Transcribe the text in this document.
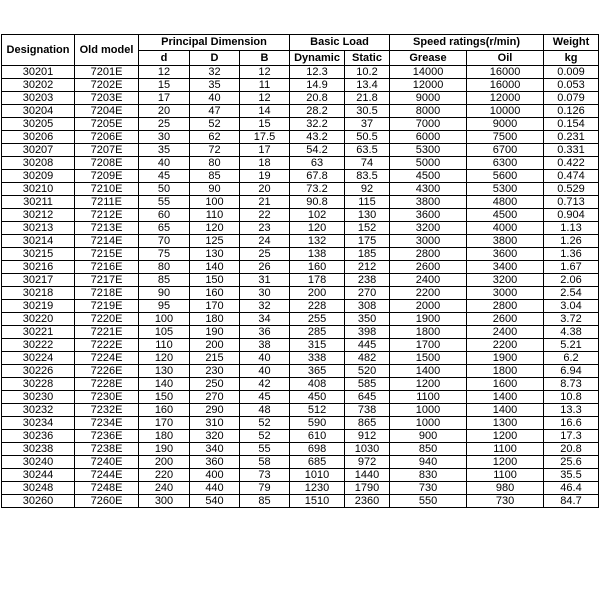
Designation	Old model	Principal Dimension			Basic Load		Speed ratings(r/min)		Weight
		d	D	B	Dynamic	Static	Grease	Oil	kg
30201	7201E	12	32	12	12.3	10.2	14000	16000	0.009
30202	7202E	15	35	11	14.9	13.4	12000	16000	0.053
30203	7203E	17	40	12	20.8	21.8	9000	12000	0.079
30204	7204E	20	47	14	28.2	30.5	8000	10000	0.126
30205	7205E	25	52	15	32.2	37	7000	9000	0.154
30206	7206E	30	62	17.5	43.2	50.5	6000	7500	0.231
30207	7207E	35	72	17	54.2	63.5	5300	6700	0.331
30208	7208E	40	80	18	63	74	5000	6300	0.422
30209	7209E	45	85	19	67.8	83.5	4500	5600	0.474
30210	7210E	50	90	20	73.2	92	4300	5300	0.529
30211	7211E	55	100	21	90.8	115	3800	4800	0.713
30212	7212E	60	110	22	102	130	3600	4500	0.904
30213	7213E	65	120	23	120	152	3200	4000	1.13
30214	7214E	70	125	24	132	175	3000	3800	1.26
30215	7215E	75	130	25	138	185	2800	3600	1.36
30216	7216E	80	140	26	160	212	2600	3400	1.67
30217	7217E	85	150	31	178	238	2400	3200	2.06
30218	7218E	90	160	30	200	270	2200	3000	2.54
30219	7219E	95	170	32	228	308	2000	2800	3.04
30220	7220E	100	180	34	255	350	1900	2600	3.72
30221	7221E	105	190	36	285	398	1800	2400	4.38
30222	7222E	110	200	38	315	445	1700	2200	5.21
30224	7224E	120	215	40	338	482	1500	1900	6.2
30226	7226E	130	230	40	365	520	1400	1800	6.94
30228	7228E	140	250	42	408	585	1200	1600	8.73
30230	7230E	150	270	45	450	645	1100	1400	10.8
30232	7232E	160	290	48	512	738	1000	1400	13.3
30234	7234E	170	310	52	590	865	1000	1300	16.6
30236	7236E	180	320	52	610	912	900	1200	17.3
30238	7238E	190	340	55	698	1030	850	1100	20.8
30240	7240E	200	360	58	685	972	940	1200	25.6
30244	7244E	220	400	73	1010	1440	830	1100	35.5
30248	7248E	240	440	79	1230	1790	730	980	46.4
30260	7260E	300	540	85	1510	2360	550	730	84.7
